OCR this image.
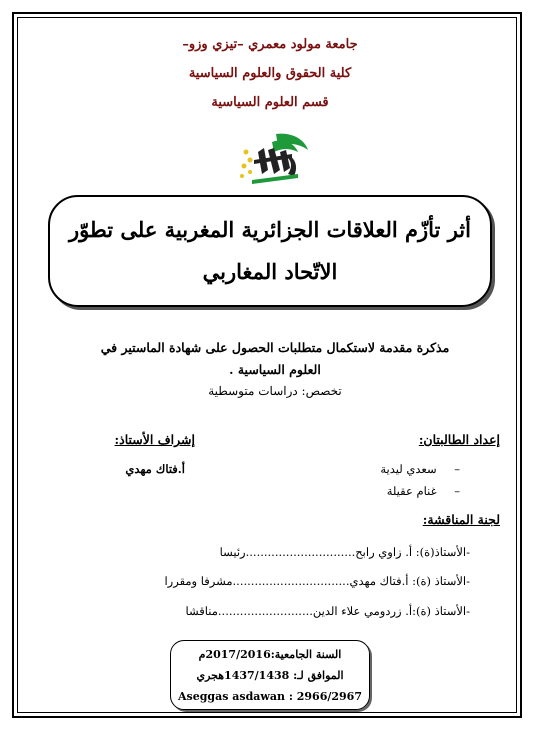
جامعة مولود معمري –تيزي وزو–
كلية الحقوق والعلوم السياسية
قسم العلوم السياسية
أثر تأزّم العلاقات الجزائرية المغربية على تطوّر
الاتّحاد المغاربي
مذكرة مقدمة لاستكمال متطلبات الحصول على شهادة الماستير في
العلوم السياسية .
تخصص: دراسات متوسطية
إعداد الطالبتان:
إشراف الأستاذ:
– سعدي ليدية
– غنام عقيلة
أ.فتاك مهدي
لجنة المناقشة:
-الأستاذ(ة): أ. زاوي رابح..............................رئيسا
-الأستاذ (ة): أ.فتاك مهدي................................مشرفا ومقررا
-الأستاذ (ة):أ. زردومي علاء الدين..........................مناقشا
السنة الجامعية:2017/2016م
الموافق لـ: 1437/1438هجري
Aseggas asdawan : 2966/2967
